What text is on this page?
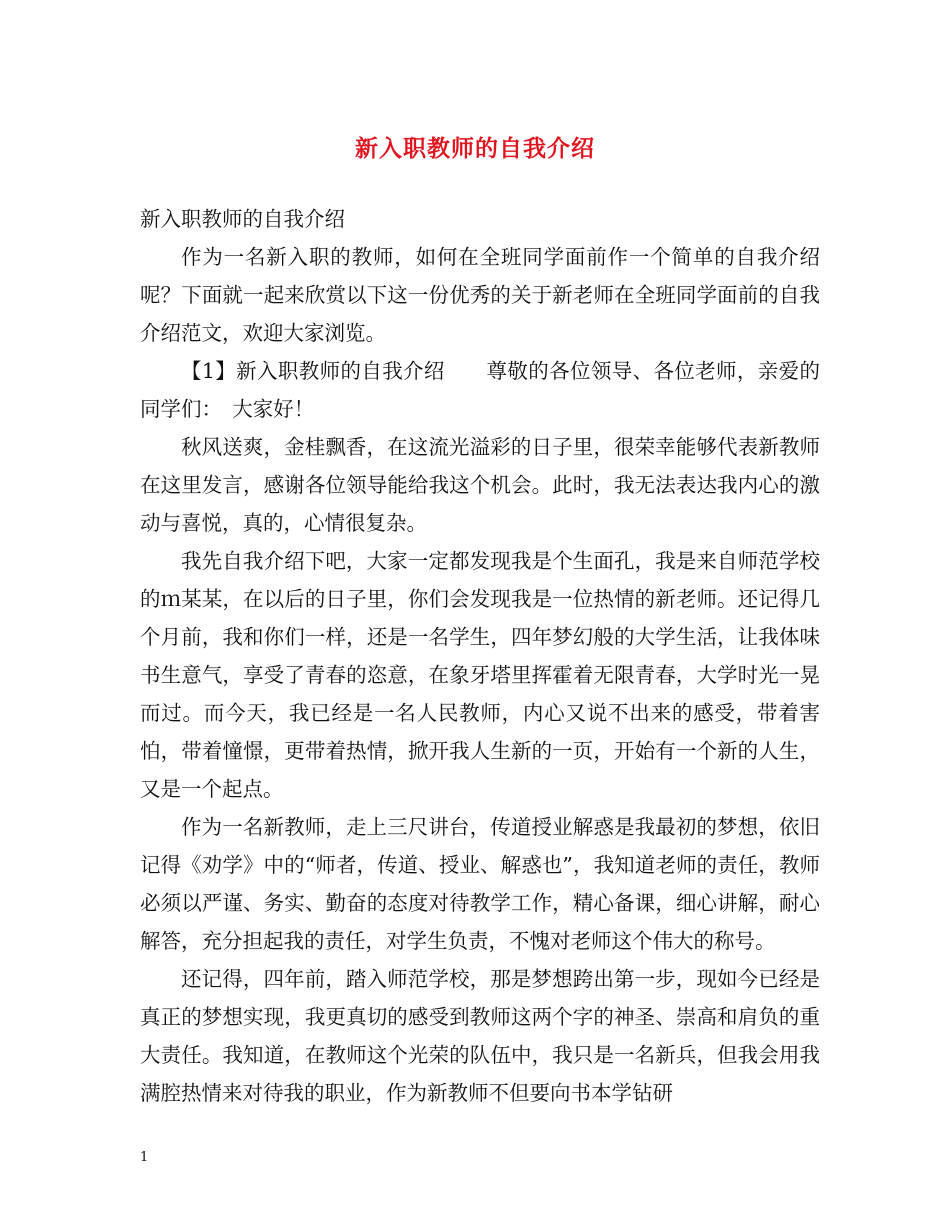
新入职教师的自我介绍

新入职教师的自我介绍

作为一名新入职的教师，如何在全班同学面前作一个简单的自我介绍呢？下面就一起来欣赏以下这一份优秀的关于新老师在全班同学面前的自我介绍范文，欢迎大家浏览。

【1】新入职教师的自我介绍　　尊敬的各位领导、各位老师，亲爱的同学们：　大家好！

秋风送爽，金桂飘香，在这流光溢彩的日子里，很荣幸能够代表新教师在这里发言，感谢各位领导能给我这个机会。此时，我无法表达我内心的激动与喜悦，真的，心情很复杂。

我先自我介绍下吧，大家一定都发现我是个生面孔，我是来自师范学校的ｍ某某，在以后的日子里，你们会发现我是一位热情的新老师。还记得几个月前，我和你们一样，还是一名学生，四年梦幻般的大学生活，让我体味书生意气，享受了青春的恣意，在象牙塔里挥霍着无限青春，大学时光一晃而过。而今天，我已经是一名人民教师，内心又说不出来的感受，带着害怕，带着憧憬，更带着热情，掀开我人生新的一页，开始有一个新的人生，又是一个起点。

作为一名新教师，走上三尺讲台，传道授业解惑是我最初的梦想，依旧记得《劝学》中的“师者，传道、授业、解惑也”，我知道老师的责任，教师必须以严谨、务实、勤奋的态度对待教学工作，精心备课，细心讲解，耐心解答，充分担起我的责任，对学生负责，不愧对老师这个伟大的称号。

还记得，四年前，踏入师范学校，那是梦想跨出第一步，现如今已经是真正的梦想实现，我更真切的感受到教师这两个字的神圣、崇高和肩负的重大责任。我知道，在教师这个光荣的队伍中，我只是一名新兵，但我会用我满腔热情来对待我的职业，作为新教师不但要向书本学钻研

1
